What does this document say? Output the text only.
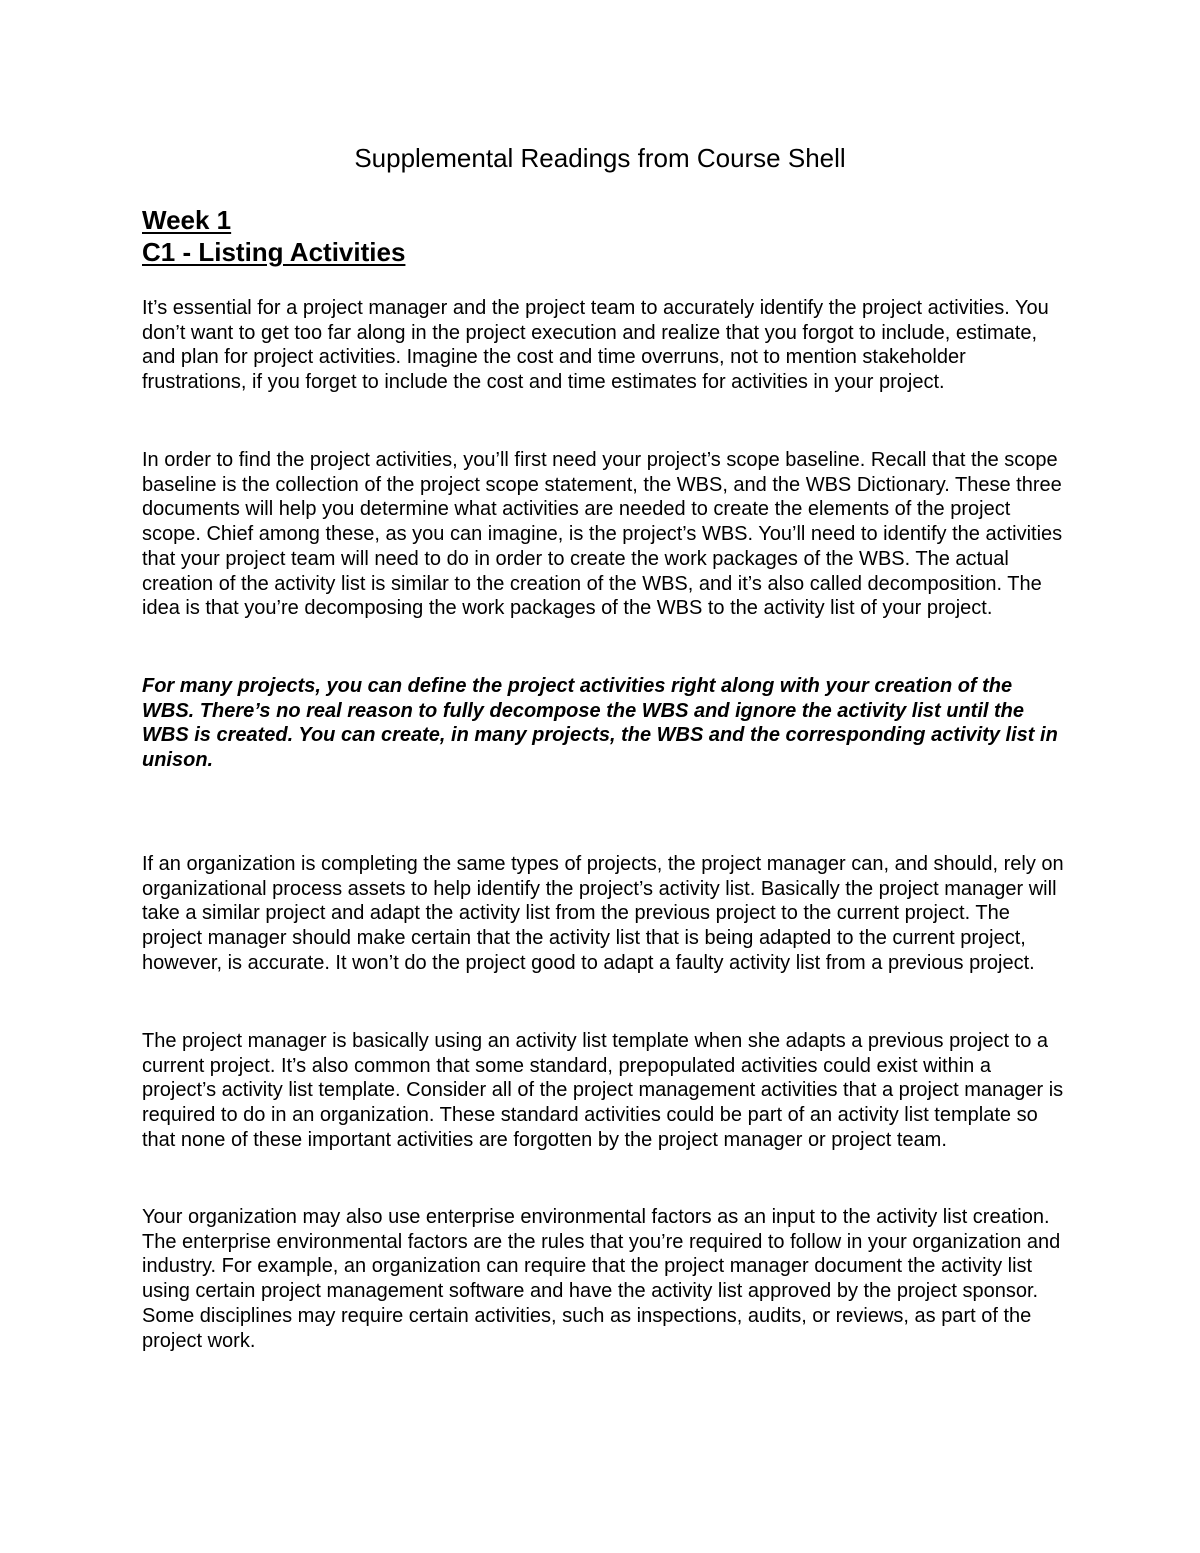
Supplemental Readings from Course Shell
Week 1
C1 - Listing Activities

It’s essential for a project manager and the project team to accurately identify the project activities. You don’t want to get too far along in the project execution and realize that you forgot to include, estimate, and plan for project activities. Imagine the cost and time overruns, not to mention stakeholder frustrations, if you forget to include the cost and time estimates for activities in your project.

In order to find the project activities, you’ll first need your project’s scope baseline. Recall that the scope baseline is the collection of the project scope statement, the WBS, and the WBS Dictionary. These three documents will help you determine what activities are needed to create the elements of the project scope. Chief among these, as you can imagine, is the project’s WBS. You’ll need to identify the activities that your project team will need to do in order to create the work packages of the WBS. The actual creation of the activity list is similar to the creation of the WBS, and it’s also called decomposition. The idea is that you’re decomposing the work packages of the WBS to the activity list of your project.

For many projects, you can define the project activities right along with your creation of the WBS. There’s no real reason to fully decompose the WBS and ignore the activity list until the WBS is created. You can create, in many projects, the WBS and the corresponding activity list in unison.

If an organization is completing the same types of projects, the project manager can, and should, rely on organizational process assets to help identify the project’s activity list. Basically the project manager will take a similar project and adapt the activity list from the previous project to the current project. The project manager should make certain that the activity list that is being adapted to the current project, however, is accurate. It won’t do the project good to adapt a faulty activity list from a previous project.

The project manager is basically using an activity list template when she adapts a previous project to a current project. It’s also common that some standard, prepopulated activities could exist within a project’s activity list template. Consider all of the project management activities that a project manager is required to do in an organization. These standard activities could be part of an activity list template so that none of these important activities are forgotten by the project manager or project team.

Your organization may also use enterprise environmental factors as an input to the activity list creation. The enterprise environmental factors are the rules that you’re required to follow in your organization and industry. For example, an organization can require that the project manager document the activity list using certain project management software and have the activity list approved by the project sponsor. Some disciplines may require certain activities, such as inspections, audits, or reviews, as part of the project work.
